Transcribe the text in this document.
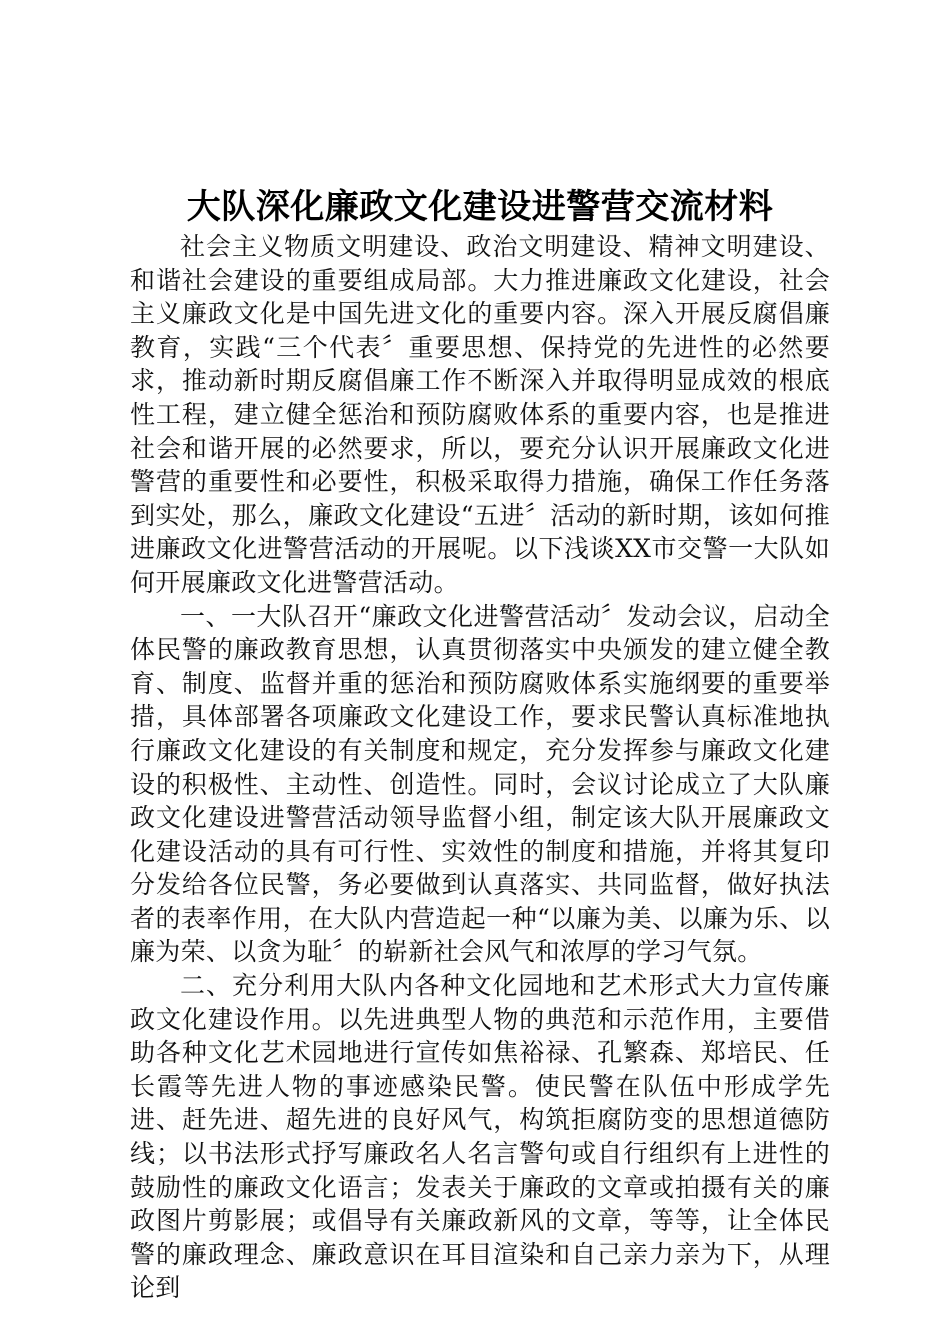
大队深化廉政文化建设进警营交流材料

社会主义物质文明建设、政治文明建设、精神文明建设、和谐社会建设的重要组成局部。大力推进廉政文化建设，社会主义廉政文化是中国先进文化的重要内容。深入开展反腐倡廉教育，实践“三个代表〞重要思想、保持党的先进性的必然要求，推动新时期反腐倡廉工作不断深入并取得明显成效的根底性工程，建立健全惩治和预防腐败体系的重要内容，也是推进社会和谐开展的必然要求，所以，要充分认识开展廉政文化进警营的重要性和必要性，积极采取得力措施，确保工作任务落到实处，那么，廉政文化建设“五进〞活动的新时期，该如何推进廉政文化进警营活动的开展呢。以下浅谈XX市交警一大队如何开展廉政文化进警营活动。

一、一大队召开“廉政文化进警营活动〞发动会议，启动全体民警的廉政教育思想，认真贯彻落实中央颁发的建立健全教育、制度、监督并重的惩治和预防腐败体系实施纲要的重要举措，具体部署各项廉政文化建设工作，要求民警认真标准地执行廉政文化建设的有关制度和规定，充分发挥参与廉政文化建设的积极性、主动性、创造性。同时，会议讨论成立了大队廉政文化建设进警营活动领导监督小组，制定该大队开展廉政文化建设活动的具有可行性、实效性的制度和措施，并将其复印分发给各位民警，务必要做到认真落实、共同监督，做好执法者的表率作用，在大队内营造起一种“以廉为美、以廉为乐、以廉为荣、以贪为耻〞的崭新社会风气和浓厚的学习气氛。

二、充分利用大队内各种文化园地和艺术形式大力宣传廉政文化建设作用。以先进典型人物的典范和示范作用，主要借助各种文化艺术园地进行宣传如焦裕禄、孔繁森、郑培民、任长霞等先进人物的事迹感染民警。使民警在队伍中形成学先进、赶先进、超先进的良好风气，构筑拒腐防变的思想道德防线；以书法形式抒写廉政名人名言警句或自行组织有上进性的鼓励性的廉政文化语言；发表关于廉政的文章或拍摄有关的廉政图片剪影展；或倡导有关廉政新风的文章，等等，让全体民警的廉政理念、廉政意识在耳目渲染和自己亲力亲为下，从理论到
